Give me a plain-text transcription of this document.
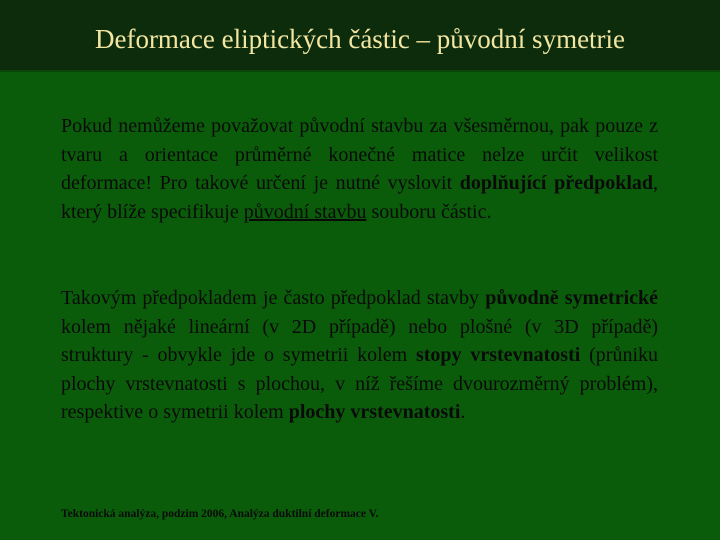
Deformace eliptických částic – původní symetrie

Pokud nemůžeme považovat původní stavbu za všesměrnou, pak pouze z tvaru a orientace průměrné konečné matice nelze určit velikost deformace! Pro takové určení je nutné vyslovit doplňující předpoklad, který blíže specifikuje původní stavbu souboru částic.

Takovým předpokladem je často předpoklad stavby původně symetrické kolem nějaké lineární (v 2D případě) nebo plošné (v 3D případě) struktury - obvykle jde o symetrii kolem stopy vrstevnatosti (průniku plochy vrstevnatosti s plochou, v níž řešíme dvourozměrný problém), respektive o symetrii kolem plochy vrstevnatosti.

Tektonická analýza, podzim 2006, Analýza duktilní deformace V.
